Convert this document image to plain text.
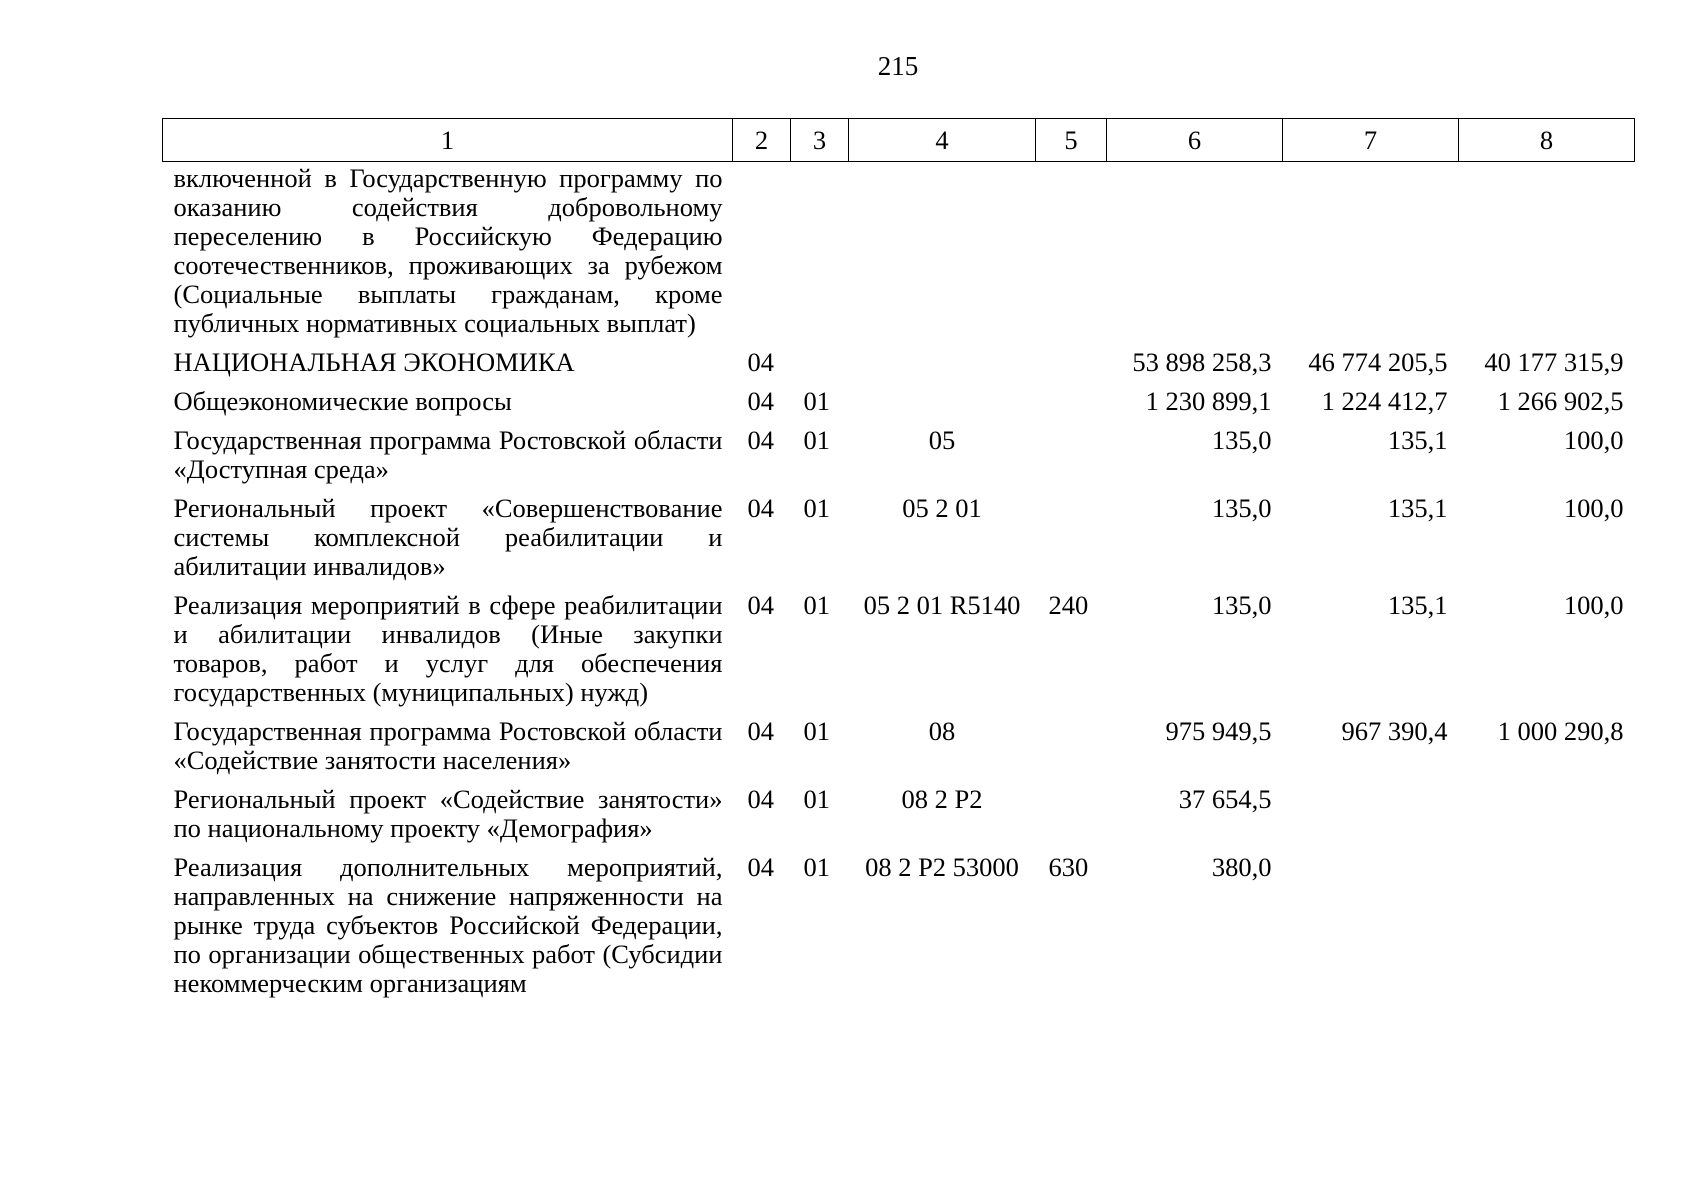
215
1	2	3	4	5	6	7	8
включенной в Государственную программу по оказанию содействия добровольному переселению в Российскую Федерацию соотечественников, проживающих за рубежом (Социальные выплаты гражданам, кроме публичных нормативных социальных выплат)							
НАЦИОНАЛЬНАЯ ЭКОНОМИКА	04				53 898 258,3	46 774 205,5	40 177 315,9
Общеэкономические вопросы	04	01			1 230 899,1	1 224 412,7	1 266 902,5
Государственная программа Ростовской области «Доступная среда»	04	01	05		135,0	135,1	100,0
Региональный проект «Совершенствование системы комплексной реабилитации и абилитации инвалидов»	04	01	05 2 01		135,0	135,1	100,0
Реализация мероприятий в сфере реабилитации и абилитации инвалидов (Иные закупки товаров, работ и услуг для обеспечения государственных (муниципальных) нужд)	04	01	05 2 01 R5140	240	135,0	135,1	100,0
Государственная программа Ростовской области «Содействие занятости населения»	04	01	08		975 949,5	967 390,4	1 000 290,8
Региональный проект «Содействие занятости» по национальному проекту «Демография»	04	01	08 2 P2		37 654,5		
Реализация дополнительных мероприятий, направленных на снижение напряженности на рынке труда субъектов Российской Федерации, по организации общественных работ (Субсидии некоммерческим организациям	04	01	08 2 P2 53000	630	380,0		
